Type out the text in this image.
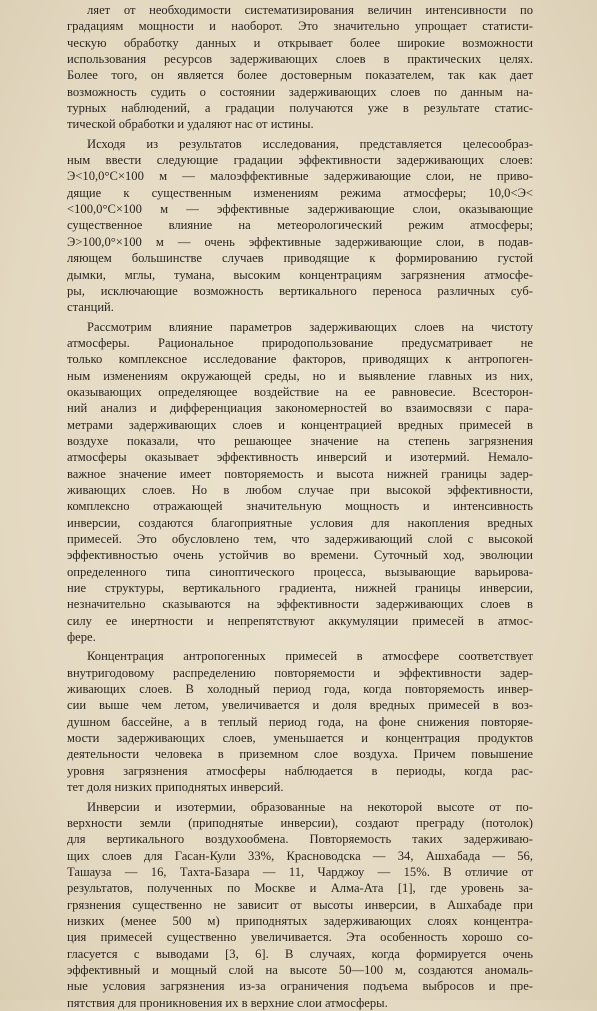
ляет от необходимости систематизирования величин интенсивности по
градациям мощности и наоборот. Это значительно упрощает статисти-
ческую обработку данных и открывает более широкие возможности
использования ресурсов задерживающих слоев в практических целях.
Более того, он является более достоверным показателем, так как дает
возможность судить о состоянии задерживающих слоев по данным на-
турных наблюдений, а градации получаются уже в результате статис-
тической обработки и удаляют нас от истины.

Исходя из результатов исследования, представляется целесообраз-
ным ввести следующие градации эффективности задерживающих слоев:
Э<10,0°С×100 м — малоэффективные задерживающие слои, не приво-
дящие к существенным изменениям режима атмосферы; 10,0<Э<
<100,0°С×100 м — эффективные задерживающие слои, оказывающие
существенное влияние на метеорологический режим атмосферы;
Э>100,0°×100 м — очень эффективные задерживающие слои, в подав-
ляющем большинстве случаев приводящие к формированию густой
дымки, мглы, тумана, высоким концентрациям загрязнения атмосфе-
ры, исключающие возможность вертикального переноса различных суб-
станций.

Рассмотрим влияние параметров задерживающих слоев на чистоту
атмосферы. Рациональное природопользование предусматривает не
только комплексное исследование факторов, приводящих к антропоген-
ным изменениям окружающей среды, но и выявление главных из них,
оказывающих определяющее воздействие на ее равновесие. Всесторон-
ний анализ и дифференциация закономерностей во взаимосвязи с пара-
метрами задерживающих слоев и концентрацией вредных примесей в
воздухе показали, что решающее значение на степень загрязнения
атмосферы оказывает эффективность инверсий и изотермий. Немало-
важное значение имеет повторяемость и высота нижней границы задер-
живающих слоев. Но в любом случае при высокой эффективности,
комплексно отражающей значительную мощность и интенсивность
инверсии, создаются благоприятные условия для накопления вредных
примесей. Это обусловлено тем, что задерживающий слой с высокой
эффективностью очень устойчив во времени. Суточный ход, эволюции
определенного типа синоптического процесса, вызывающие варьирова-
ние структуры, вертикального градиента, нижней границы инверсии,
незначительно сказываются на эффективности задерживающих слоев в
силу ее инертности и непрепятствуют аккумуляции примесей в атмос-
фере.

Концентрация антропогенных примесей в атмосфере соответствует
внутригодовому распределению повторяемости и эффективности задер-
живающих слоев. В холодный период года, когда повторяемость инвер-
сии выше чем летом, увеличивается и доля вредных примесей в воз-
душном бассейне, а в теплый период года, на фоне снижения повторяе-
мости задерживающих слоев, уменьшается и концентрация продуктов
деятельности человека в приземном слое воздуха. Причем повышение
уровня загрязнения атмосферы наблюдается в периоды, когда рас-
тет доля низких приподнятых инверсий.

Инверсии и изотермии, образованные на некоторой высоте от по-
верхности земли (приподнятые инверсии), создают преграду (потолок)
для вертикального воздухообмена. Повторяемость таких задерживаю-
щих слоев для Гасан-Кули 33%, Красноводска — 34, Ашхабада — 56,
Ташауза — 16, Тахта-Базара — 11, Чарджоу — 15%. В отличие от
результатов, полученных по Москве и Алма-Ата [1], где уровень за-
грязнения существенно не зависит от высоты инверсии, в Ашхабаде при
низких (менее 500 м) приподнятых задерживающих слоях концентра-
ция примесей существенно увеличивается. Эта особенность хорошо со-
гласуется с выводами [3, 6]. В случаях, когда формируется очень
эффективный и мощный слой на высоте 50—100 м, создаются аномаль-
ные условия загрязнения из-за ограничения подъема выбросов и пре-
пятствия для проникновения их в верхние слои атмосферы.
